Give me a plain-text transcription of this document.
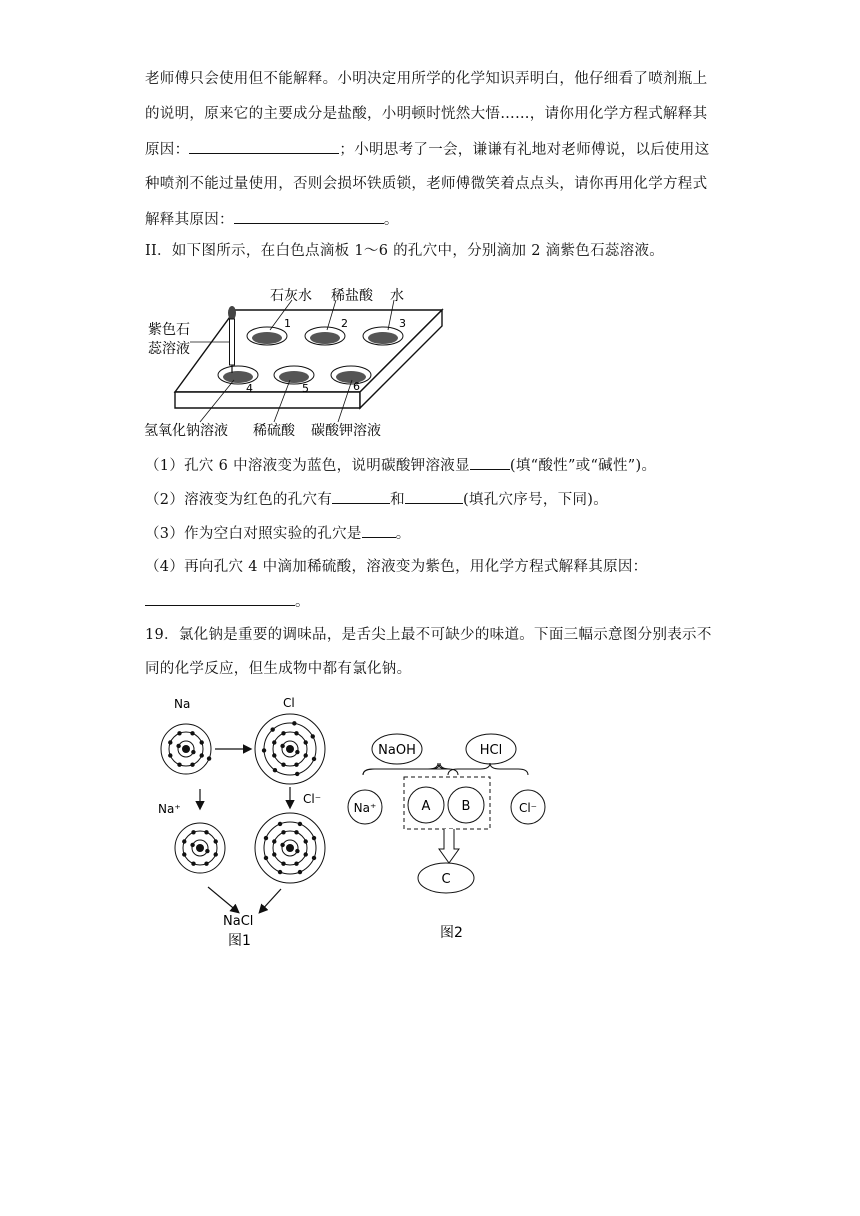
老师傅只会使用但不能解释。小明决定用所学的化学知识弄明白，他仔细看了喷剂瓶上
的说明，原来它的主要成分是盐酸，小明顿时恍然大悟……，请你用化学方程式解释其
原因：	；小明思考了一会，谦谦有礼地对老师傅说，以后使用这
种喷剂不能过量使用，否则会损坏铁质锁，老师傅微笑着点点头，请你再用化学方程式
解释其原因：	。
II．如下图所示，在白色点滴板 1～6 的孔穴中，分别滴加 2 滴紫色石蕊溶液。
1	2	3
4	5	6
石灰水 稀盐酸 水
紫色石
蕊溶液
氢氧化钠溶液 稀硫酸 碳酸钾溶液
（1）孔穴 6 中溶液变为蓝色，说明碳酸钾溶液显	(填“酸性”或“碱性”)。
（2）溶液变为红色的孔穴有	和	(填孔穴序号，下同)。
（3）作为空白对照实验的孔穴是 。
（4）再向孔穴 4 中滴加稀硫酸，溶液变为紫色，用化学方程式解释其原因：
。
19．氯化钠是重要的调味品，是舌尖上最不可缺少的味道。下面三幅示意图分别表示不
同的化学反应，但生成物中都有氯化钠。
Na	Cl
Na⁺
Cl⁻
NaCl
图1
NaOH	HCl
Na⁺	A B	Cl⁻
C
图2
